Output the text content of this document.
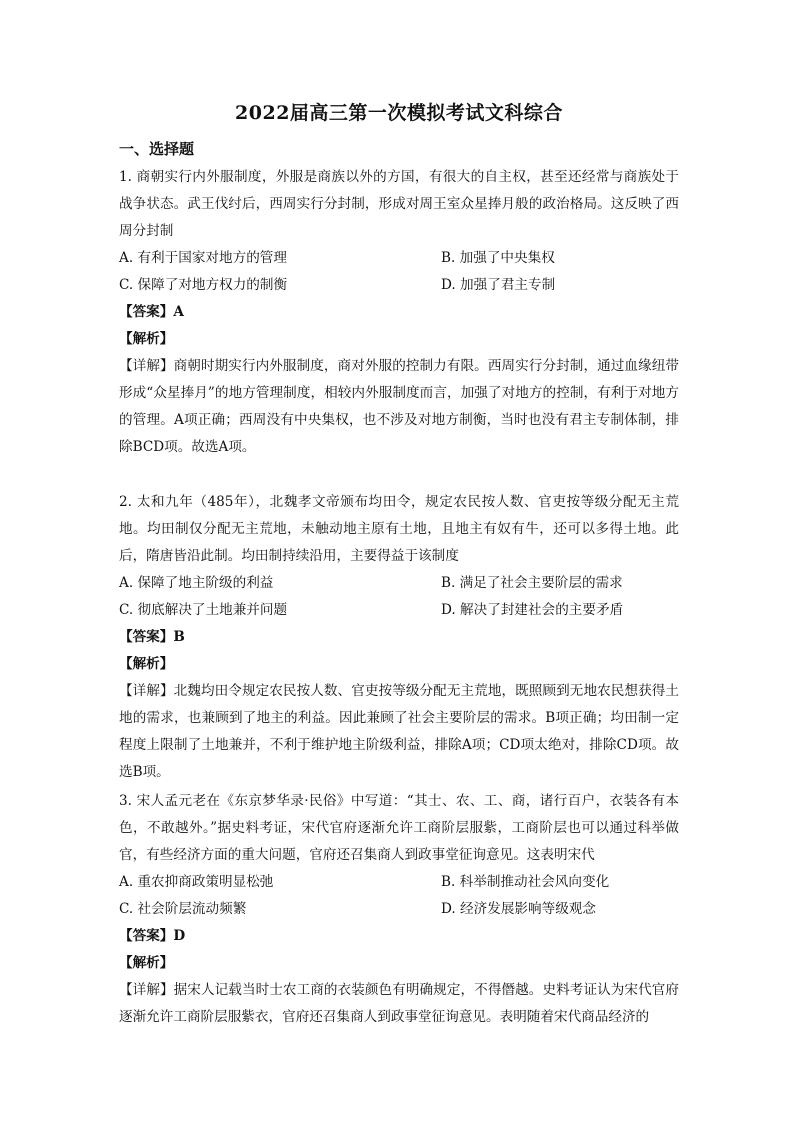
2022届高三第一次模拟考试文科综合
一、选择题

1. 商朝实行内外服制度，外服是商族以外的方国，有很大的自主权，甚至还经常与商族处于战争状态。武王伐纣后，西周实行分封制，形成对周王室众星捧月般的政治格局。这反映了西周分封制

A. 有利于国家对地方的管理	B. 加强了中央集权
C. 保障了对地方权力的制衡	D. 加强了君主专制

【答案】A

【解析】

【详解】商朝时期实行内外服制度，商对外服的控制力有限。西周实行分封制，通过血缘纽带形成“众星捧月”的地方管理制度，相较内外服制度而言，加强了对地方的控制，有利于对地方的管理。A项正确；西周没有中央集权，也不涉及对地方制衡，当时也没有君主专制体制，排除BCD项。故选A项。

2. 太和九年（485年），北魏孝文帝颁布均田令，规定农民按人数、官吏按等级分配无主荒地。均田制仅分配无主荒地，未触动地主原有土地，且地主有奴有牛，还可以多得土地。此后，隋唐皆沿此制。均田制持续沿用，主要得益于该制度

A. 保障了地主阶级的利益	B. 满足了社会主要阶层的需求
C. 彻底解决了土地兼并问题	D. 解决了封建社会的主要矛盾

【答案】B

【解析】

【详解】北魏均田令规定农民按人数、官吏按等级分配无主荒地，既照顾到无地农民想获得土地的需求，也兼顾到了地主的利益。因此兼顾了社会主要阶层的需求。B项正确；均田制一定程度上限制了土地兼并，不利于维护地主阶级利益，排除A项；CD项太绝对，排除CD项。故选B项。

3. 宋人孟元老在《东京梦华录·民俗》中写道：“其士、农、工、商，诸行百户，衣装各有本色，不敢越外。”据史料考证，宋代官府逐渐允许工商阶层服紫，工商阶层也可以通过科举做官，有些经济方面的重大问题，官府还召集商人到政事堂征询意见。这表明宋代

A. 重农抑商政策明显松弛	B. 科举制推动社会风向变化
C. 社会阶层流动频繁	D. 经济发展影响等级观念

【答案】D

【解析】

【详解】据宋人记载当时士农工商的衣装颜色有明确规定，不得僭越。史料考证认为宋代官府逐渐允许工商阶层服紫衣，官府还召集商人到政事堂征询意见。表明随着宋代商品经济的
